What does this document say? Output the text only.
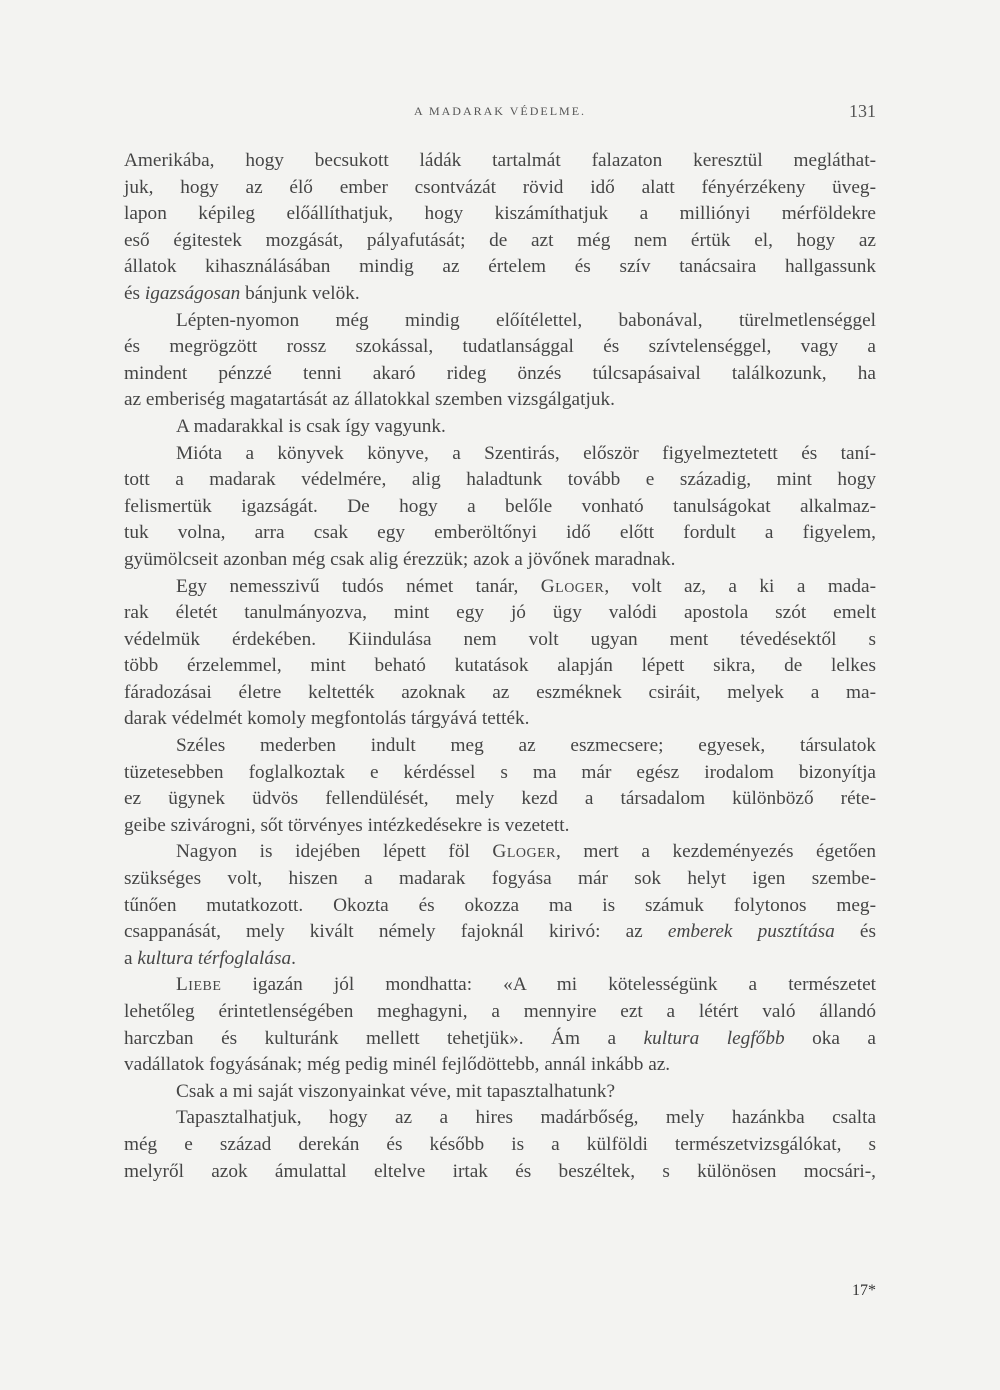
A MADARAK VÉDELME.	131
Amerikába, hogy becsukott ládák tartalmát falazaton keresztül megláthat-
juk, hogy az élő ember csontvázát rövid idő alatt fényérzékeny üveg-
lapon képileg előállíthatjuk, hogy kiszámíthatjuk a milliónyi mérföldekre
eső égitestek mozgását, pályafutását; de azt még nem értük el, hogy az
állatok kihasználásában mindig az értelem és szív tanácsaira hallgassunk
és igazságosan bánjunk velök.
Lépten-nyomon még mindig előítélettel, babonával, türelmetlenséggel
és megrögzött rossz szokással, tudatlansággal és szívtelenséggel, vagy a
mindent pénzzé tenni akaró rideg önzés túlcsapásaival találkozunk, ha
az emberiség magatartását az állatokkal szemben vizsgálgatjuk.
A madarakkal is csak így vagyunk.
Mióta a könyvek könyve, a Szentirás, először figyelmeztetett és taní-
tott a madarak védelmére, alig haladtunk tovább e századig, mint hogy
felismertük igazságát. De hogy a belőle vonható tanulságokat alkalmaz-
tuk volna, arra csak egy emberöltőnyi idő előtt fordult a figyelem,
gyümölcseit azonban még csak alig érezzük; azok a jövőnek maradnak.
Egy nemesszivű tudós német tanár, Gloger, volt az, a ki a mada-
rak életét tanulmányozva, mint egy jó ügy valódi apostola szót emelt
védelmük érdekében. Kiindulása nem volt ugyan ment tévedésektől s
több érzelemmel, mint beható kutatások alapján lépett sikra, de lelkes
fáradozásai életre keltették azoknak az eszméknek csiráit, melyek a ma-
darak védelmét komoly megfontolás tárgyává tették.
Széles mederben indult meg az eszmecsere; egyesek, társulatok
tüzetesebben foglalkoztak e kérdéssel s ma már egész irodalom bizonyítja
ez ügynek üdvös fellendülését, mely kezd a társadalom különböző réte-
geibe szivárogni, sőt törvényes intézkedésekre is vezetett.
Nagyon is idejében lépett föl Gloger, mert a kezdeményezés égetően
szükséges volt, hiszen a madarak fogyása már sok helyt igen szembe-
tűnően mutatkozott. Okozta és okozza ma is számuk folytonos meg-
csappanását, mely kivált némely fajoknál kirivó: az emberek pusztítása és
a kultura térfoglalása.
Liebe igazán jól mondhatta: «A mi kötelességünk a természetet
lehetőleg érintetlenségében meghagyni, a mennyire ezt a létért való állandó
harczban és kulturánk mellett tehetjük». Ám a kultura legfőbb oka a
vadállatok fogyásának; még pedig minél fejlődöttebb, annál inkább az.
Csak a mi saját viszonyainkat véve, mit tapasztalhatunk?
Tapasztalhatjuk, hogy az a hires madárbőség, mely hazánkba csalta
még e század derekán és később is a külföldi természetvizsgálókat, s
melyről azok ámulattal eltelve irtak és beszéltek, s különösen mocsári-,
17*
